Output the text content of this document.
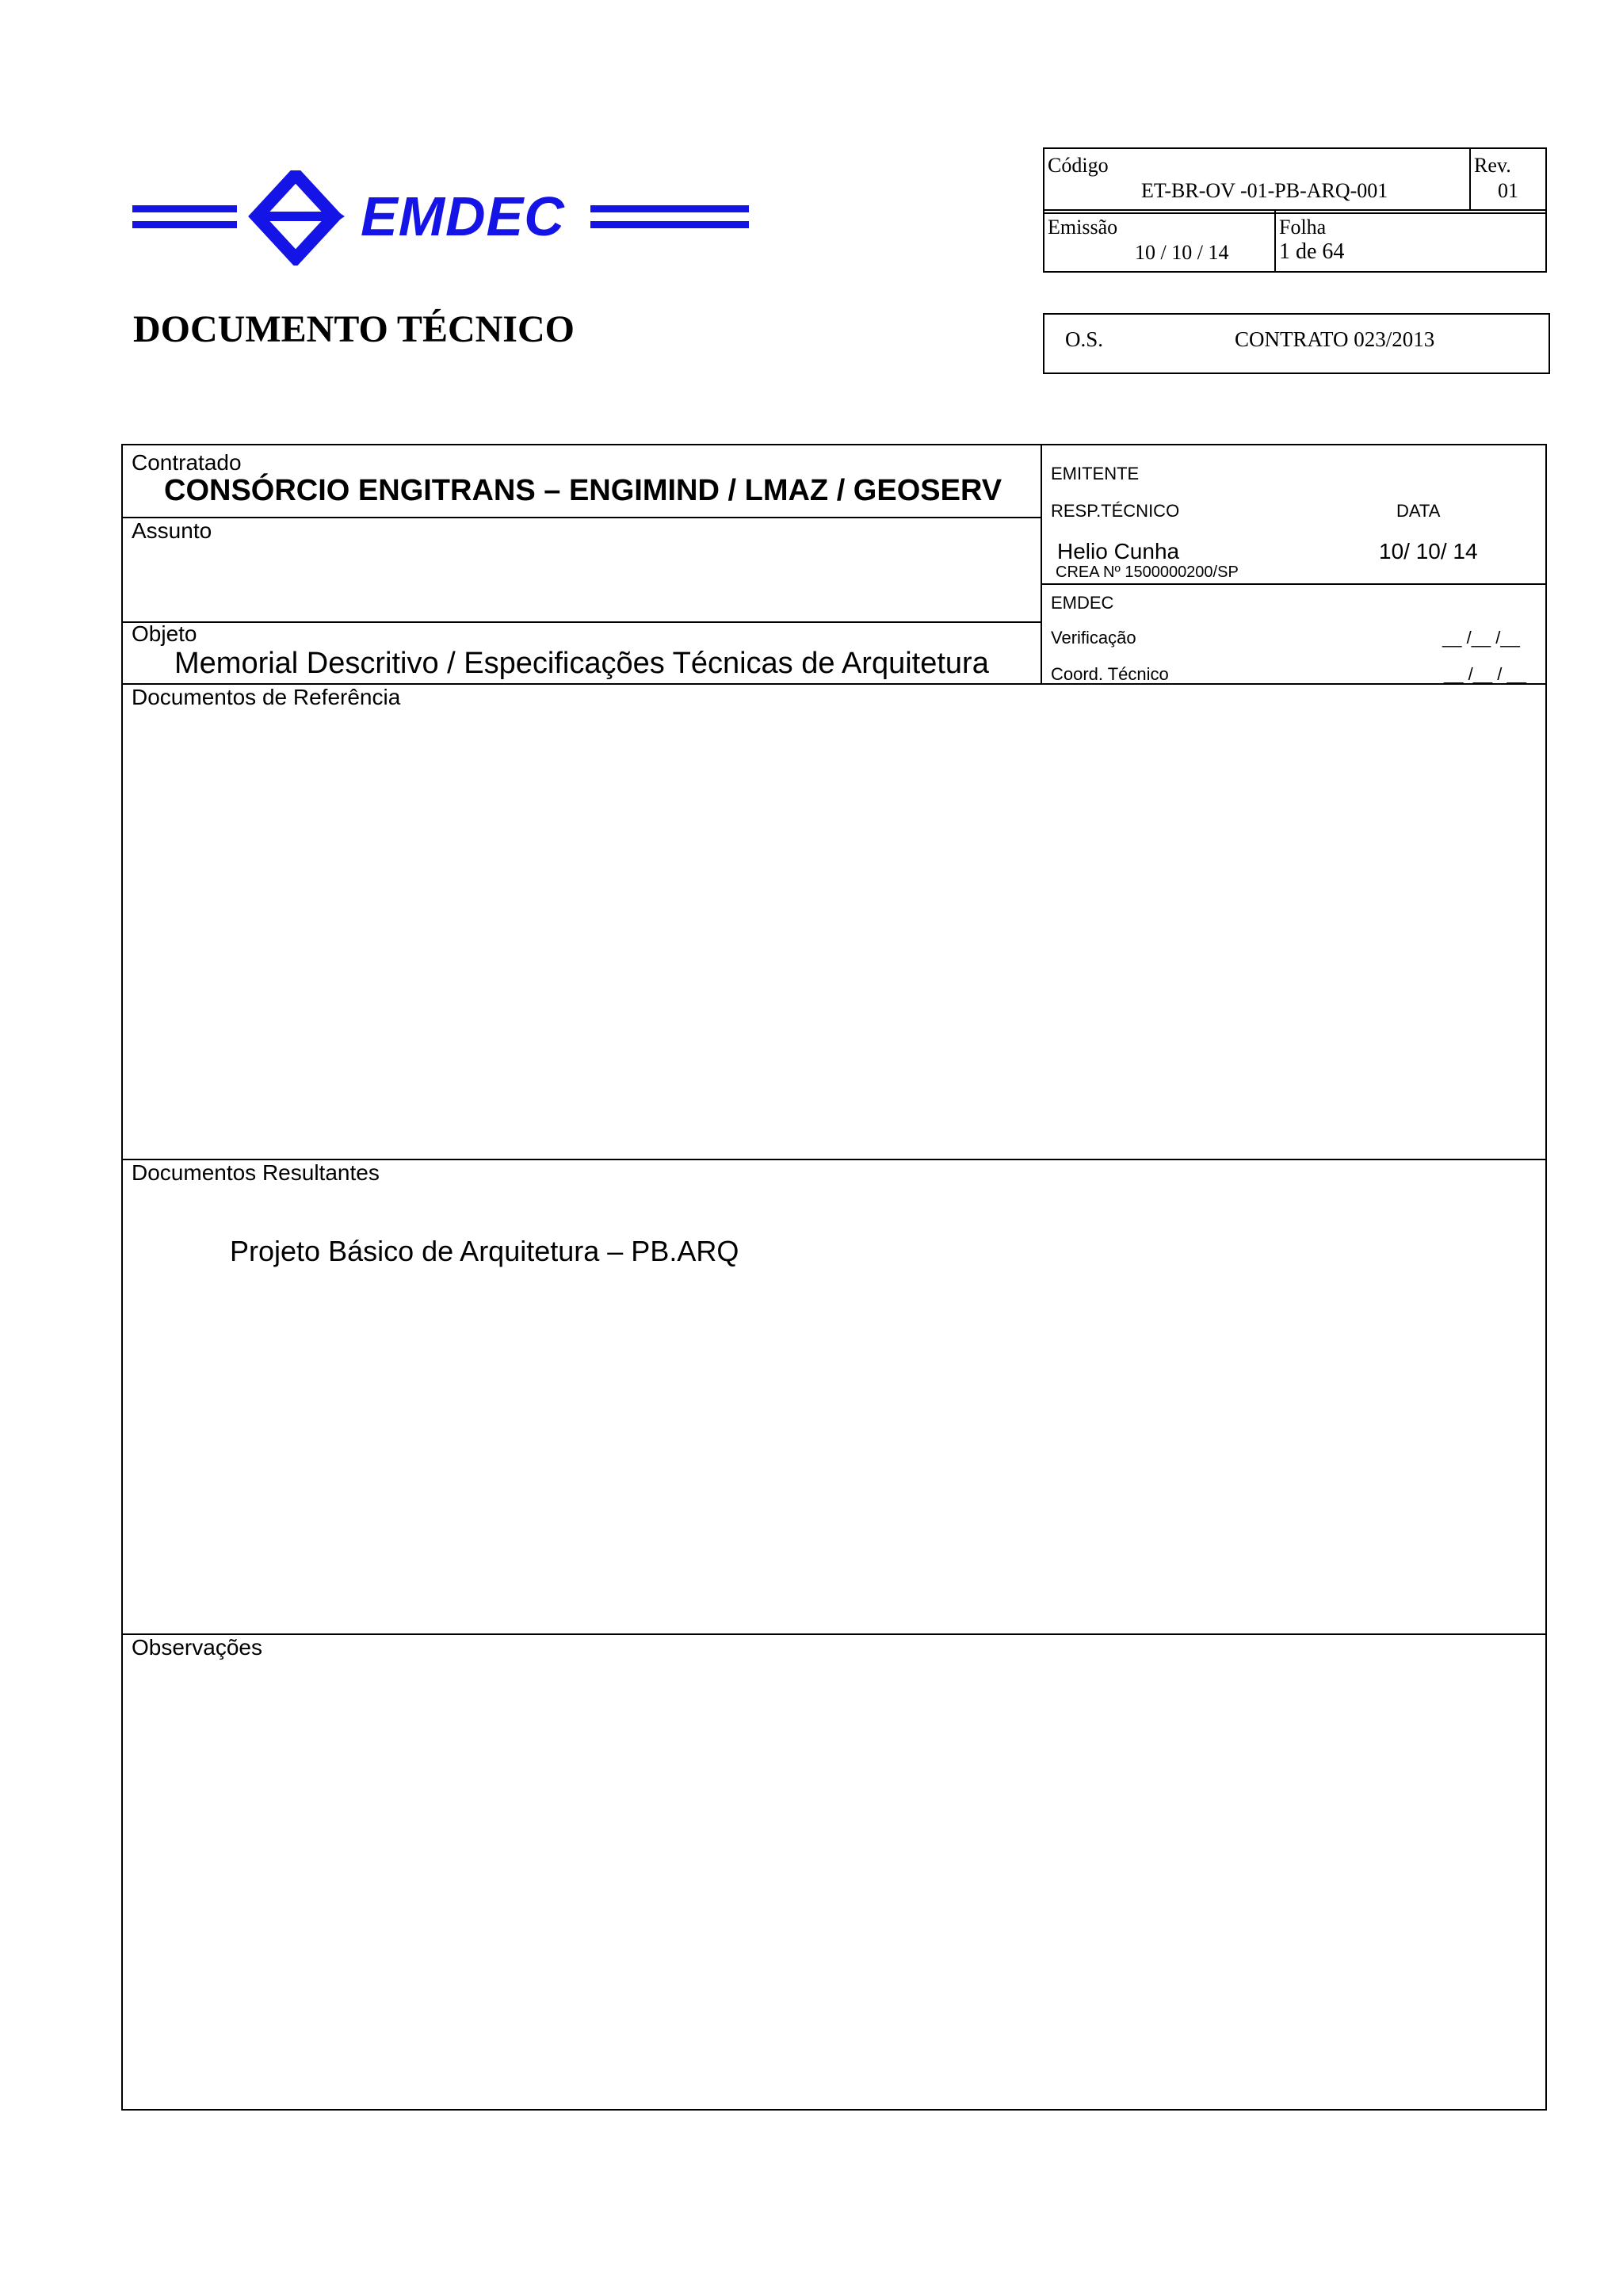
EMDEC
DOCUMENTO TÉCNICO
Código
ET-BR-OV -01-PB-ARQ-001
Rev.
01
Emissão
10 / 10 / 14
Folha
1 de 64
O.S.	CONTRATO 023/2013
Contratado
CONSÓRCIO ENGITRANS – ENGIMIND / LMAZ / GEOSERV
Assunto
Objeto
Memorial Descritivo / Especificações Técnicas de Arquitetura
EMITENTE
RESP.TÉCNICO	DATA
Helio Cunha	10/ 10/ 14
CREA Nº 1500000200/SP
EMDEC
Verificação	__ /__ /__
Coord. Técnico	__ /__ / __
Documentos de Referência
Documentos Resultantes
Projeto Básico de Arquitetura – PB.ARQ
Observações
